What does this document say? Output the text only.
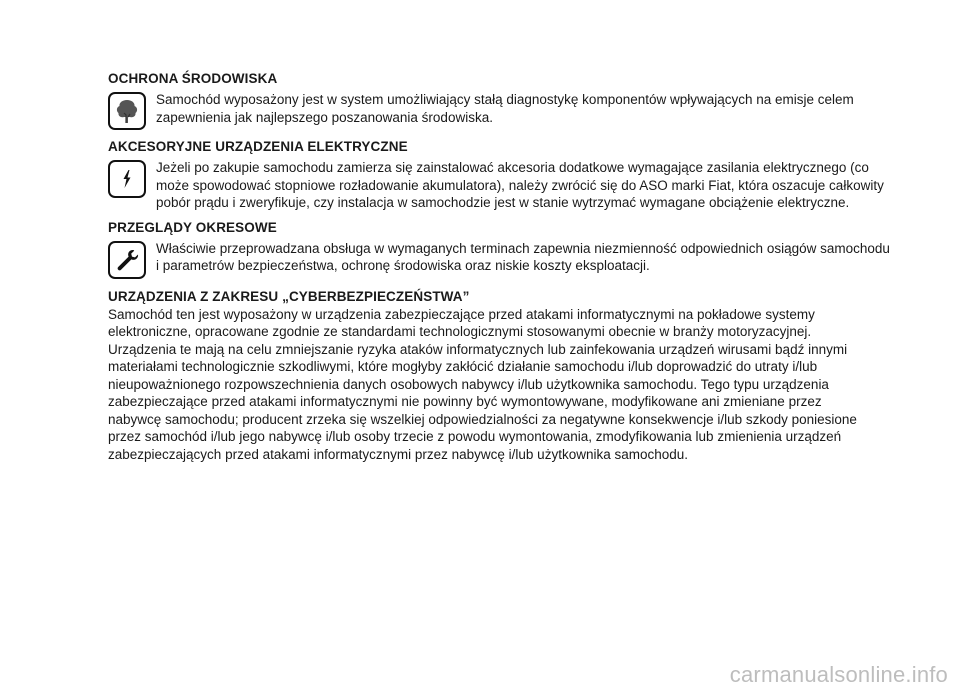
OCHRONA ŚRODOWISKA
Samochód wyposażony jest w system umożliwiający stałą diagnostykę komponentów wpływających na emisje celem
zapewnienia jak najlepszego poszanowania środowiska.
AKCESORYJNE URZĄDZENIA ELEKTRYCZNE
Jeżeli po zakupie samochodu zamierza się zainstalować akcesoria dodatkowe wymagające zasilania elektrycznego (co
może spowodować stopniowe rozładowanie akumulatora), należy zwrócić się do ASO marki Fiat, która oszacuje całkowity
pobór prądu i zweryfikuje, czy instalacja w samochodzie jest w stanie wytrzymać wymagane obciążenie elektryczne.
PRZEGLĄDY OKRESOWE
Właściwie przeprowadzana obsługa w wymaganych terminach zapewnia niezmienność odpowiednich osiągów samochodu
i parametrów bezpieczeństwa, ochronę środowiska oraz niskie koszty eksploatacji.
URZĄDZENIA Z ZAKRESU „CYBERBEZPIECZEŃSTWA”
Samochód ten jest wyposażony w urządzenia zabezpieczające przed atakami informatycznymi na pokładowe systemy
elektroniczne, opracowane zgodnie ze standardami technologicznymi stosowanymi obecnie w branży motoryzacyjnej.
Urządzenia te mają na celu zmniejszanie ryzyka ataków informatycznych lub zainfekowania urządzeń wirusami bądź innymi
materiałami technologicznie szkodliwymi, które mogłyby zakłócić działanie samochodu i/lub doprowadzić do utraty i/lub
nieupoważnionego rozpowszechnienia danych osobowych nabywcy i/lub użytkownika samochodu. Tego typu urządzenia
zabezpieczające przed atakami informatycznymi nie powinny być wymontowywane, modyfikowane ani zmieniane przez
nabywcę samochodu; producent zrzeka się wszelkiej odpowiedzialności za negatywne konsekwencje i/lub szkody poniesione
przez samochód i/lub jego nabywcę i/lub osoby trzecie z powodu wymontowania, zmodyfikowania lub zmienienia urządzeń
zabezpieczających przed atakami informatycznymi przez nabywcę i/lub użytkownika samochodu.
carmanualsonline.info
